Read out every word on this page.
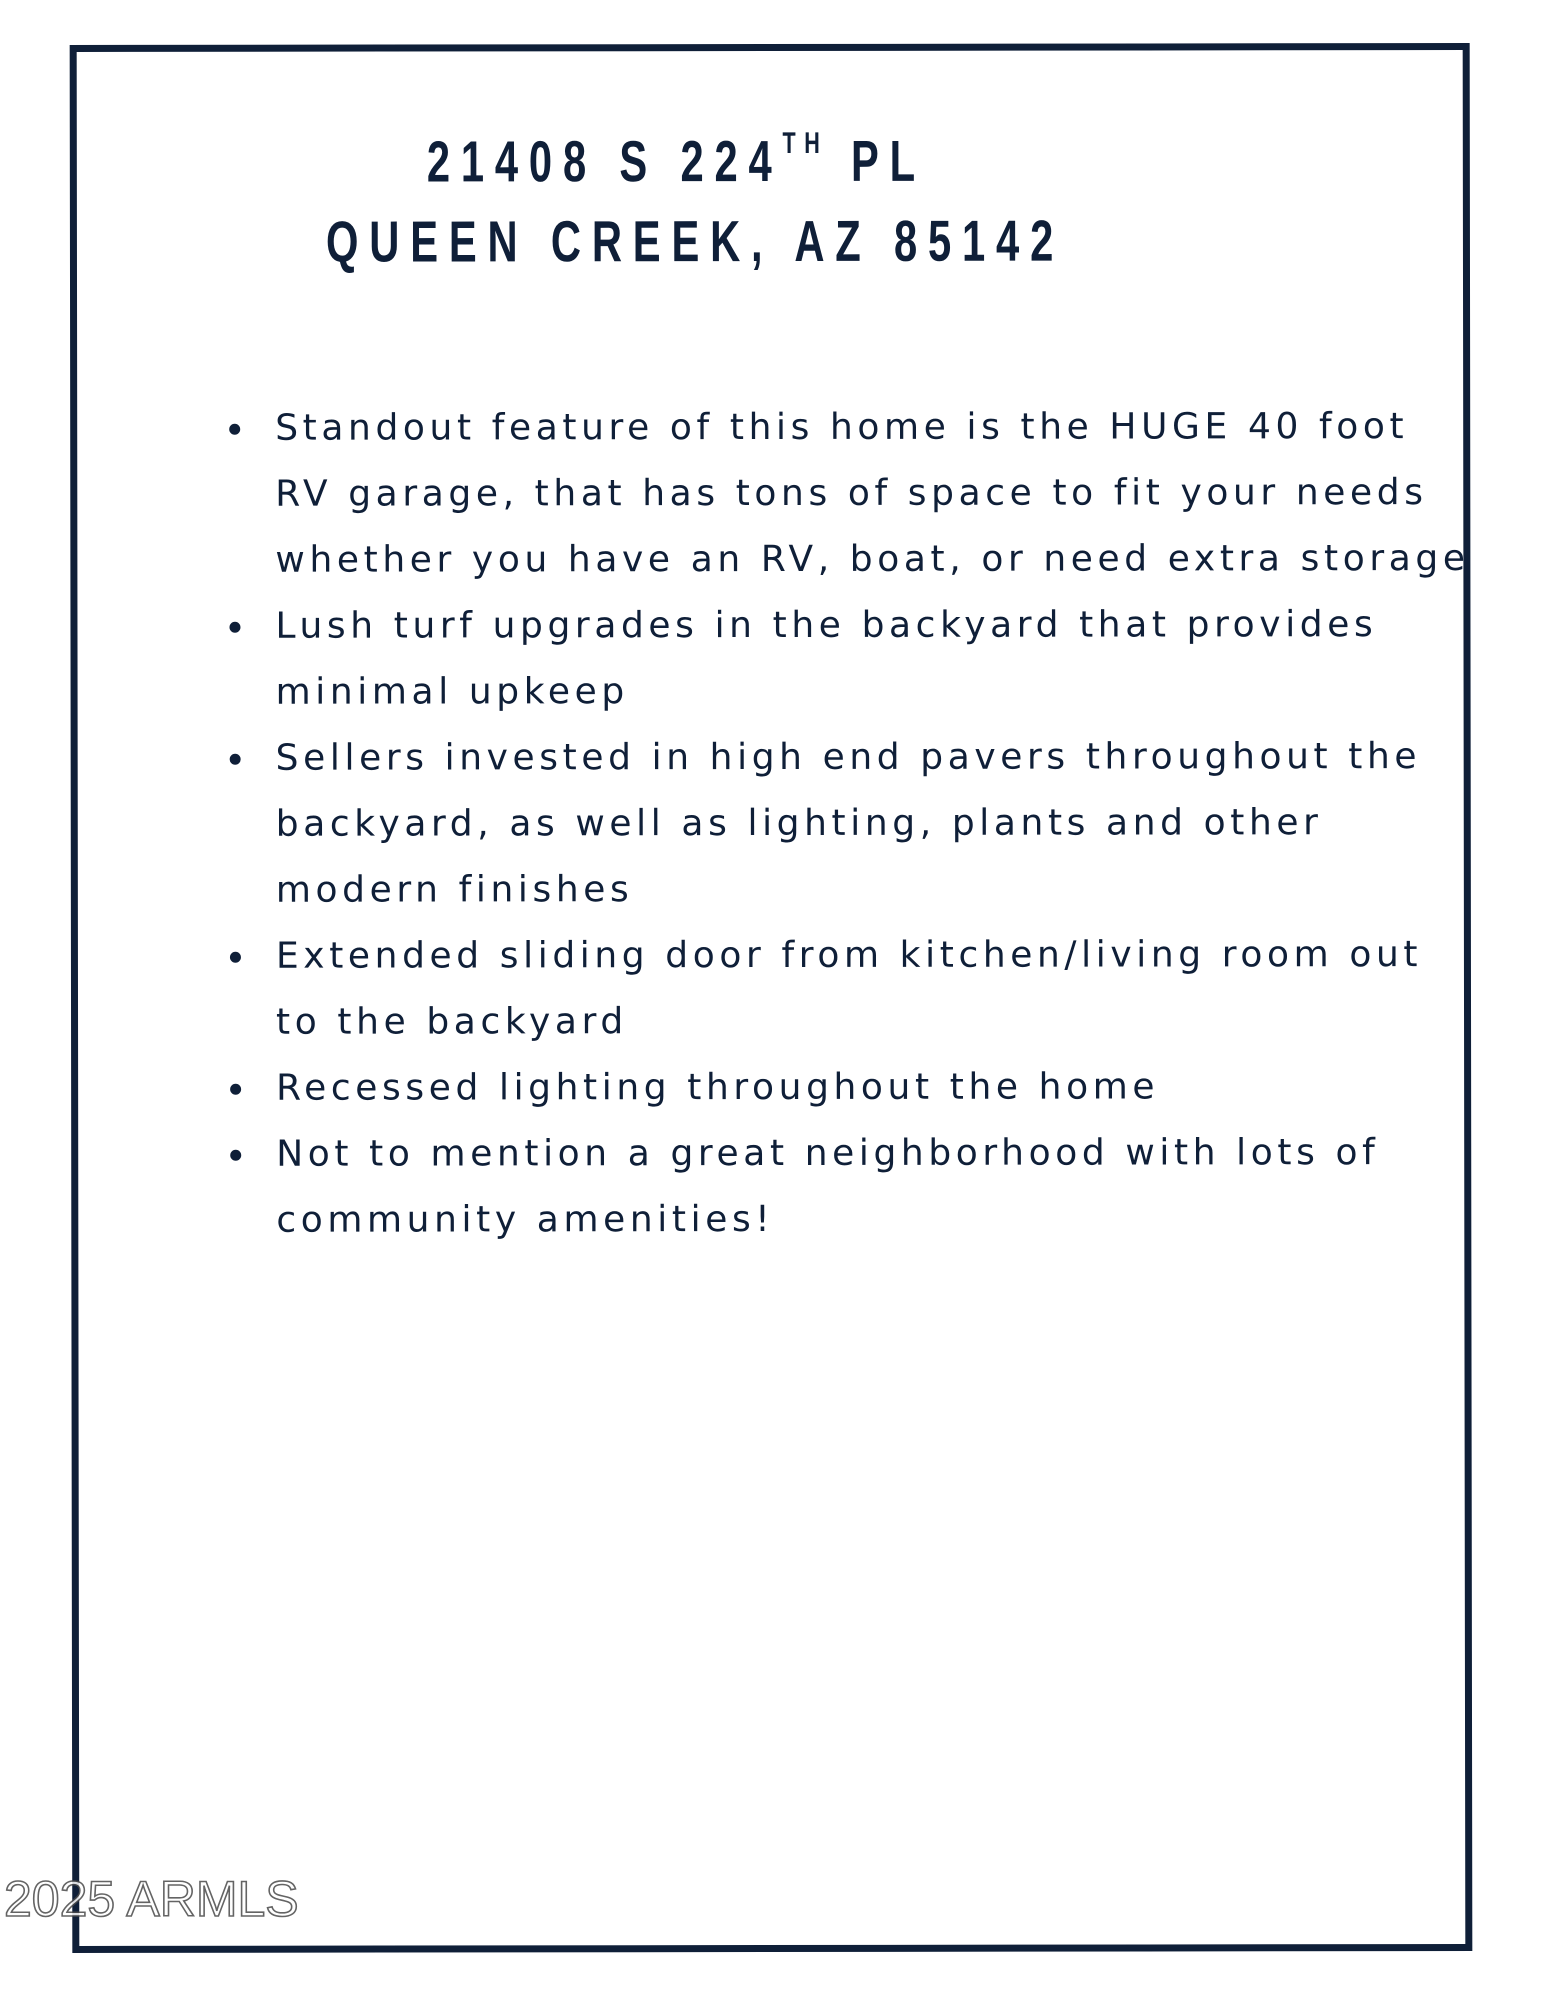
21408 S 224TH PL
QUEEN CREEK, AZ 85142
Standout feature of this home is the HUGE 40 foot RV garage, that has tons of space to fit your needs whether you have an RV, boat, or need extra storage
Lush turf upgrades in the backyard that provides minimal upkeep
Sellers invested in high end pavers throughout the backyard, as well as lighting, plants and other modern finishes
Extended sliding door from kitchen/living room out to the backyard
Recessed lighting throughout the home
Not to mention a great neighborhood with lots of community amenities!
2025 ARMLS
